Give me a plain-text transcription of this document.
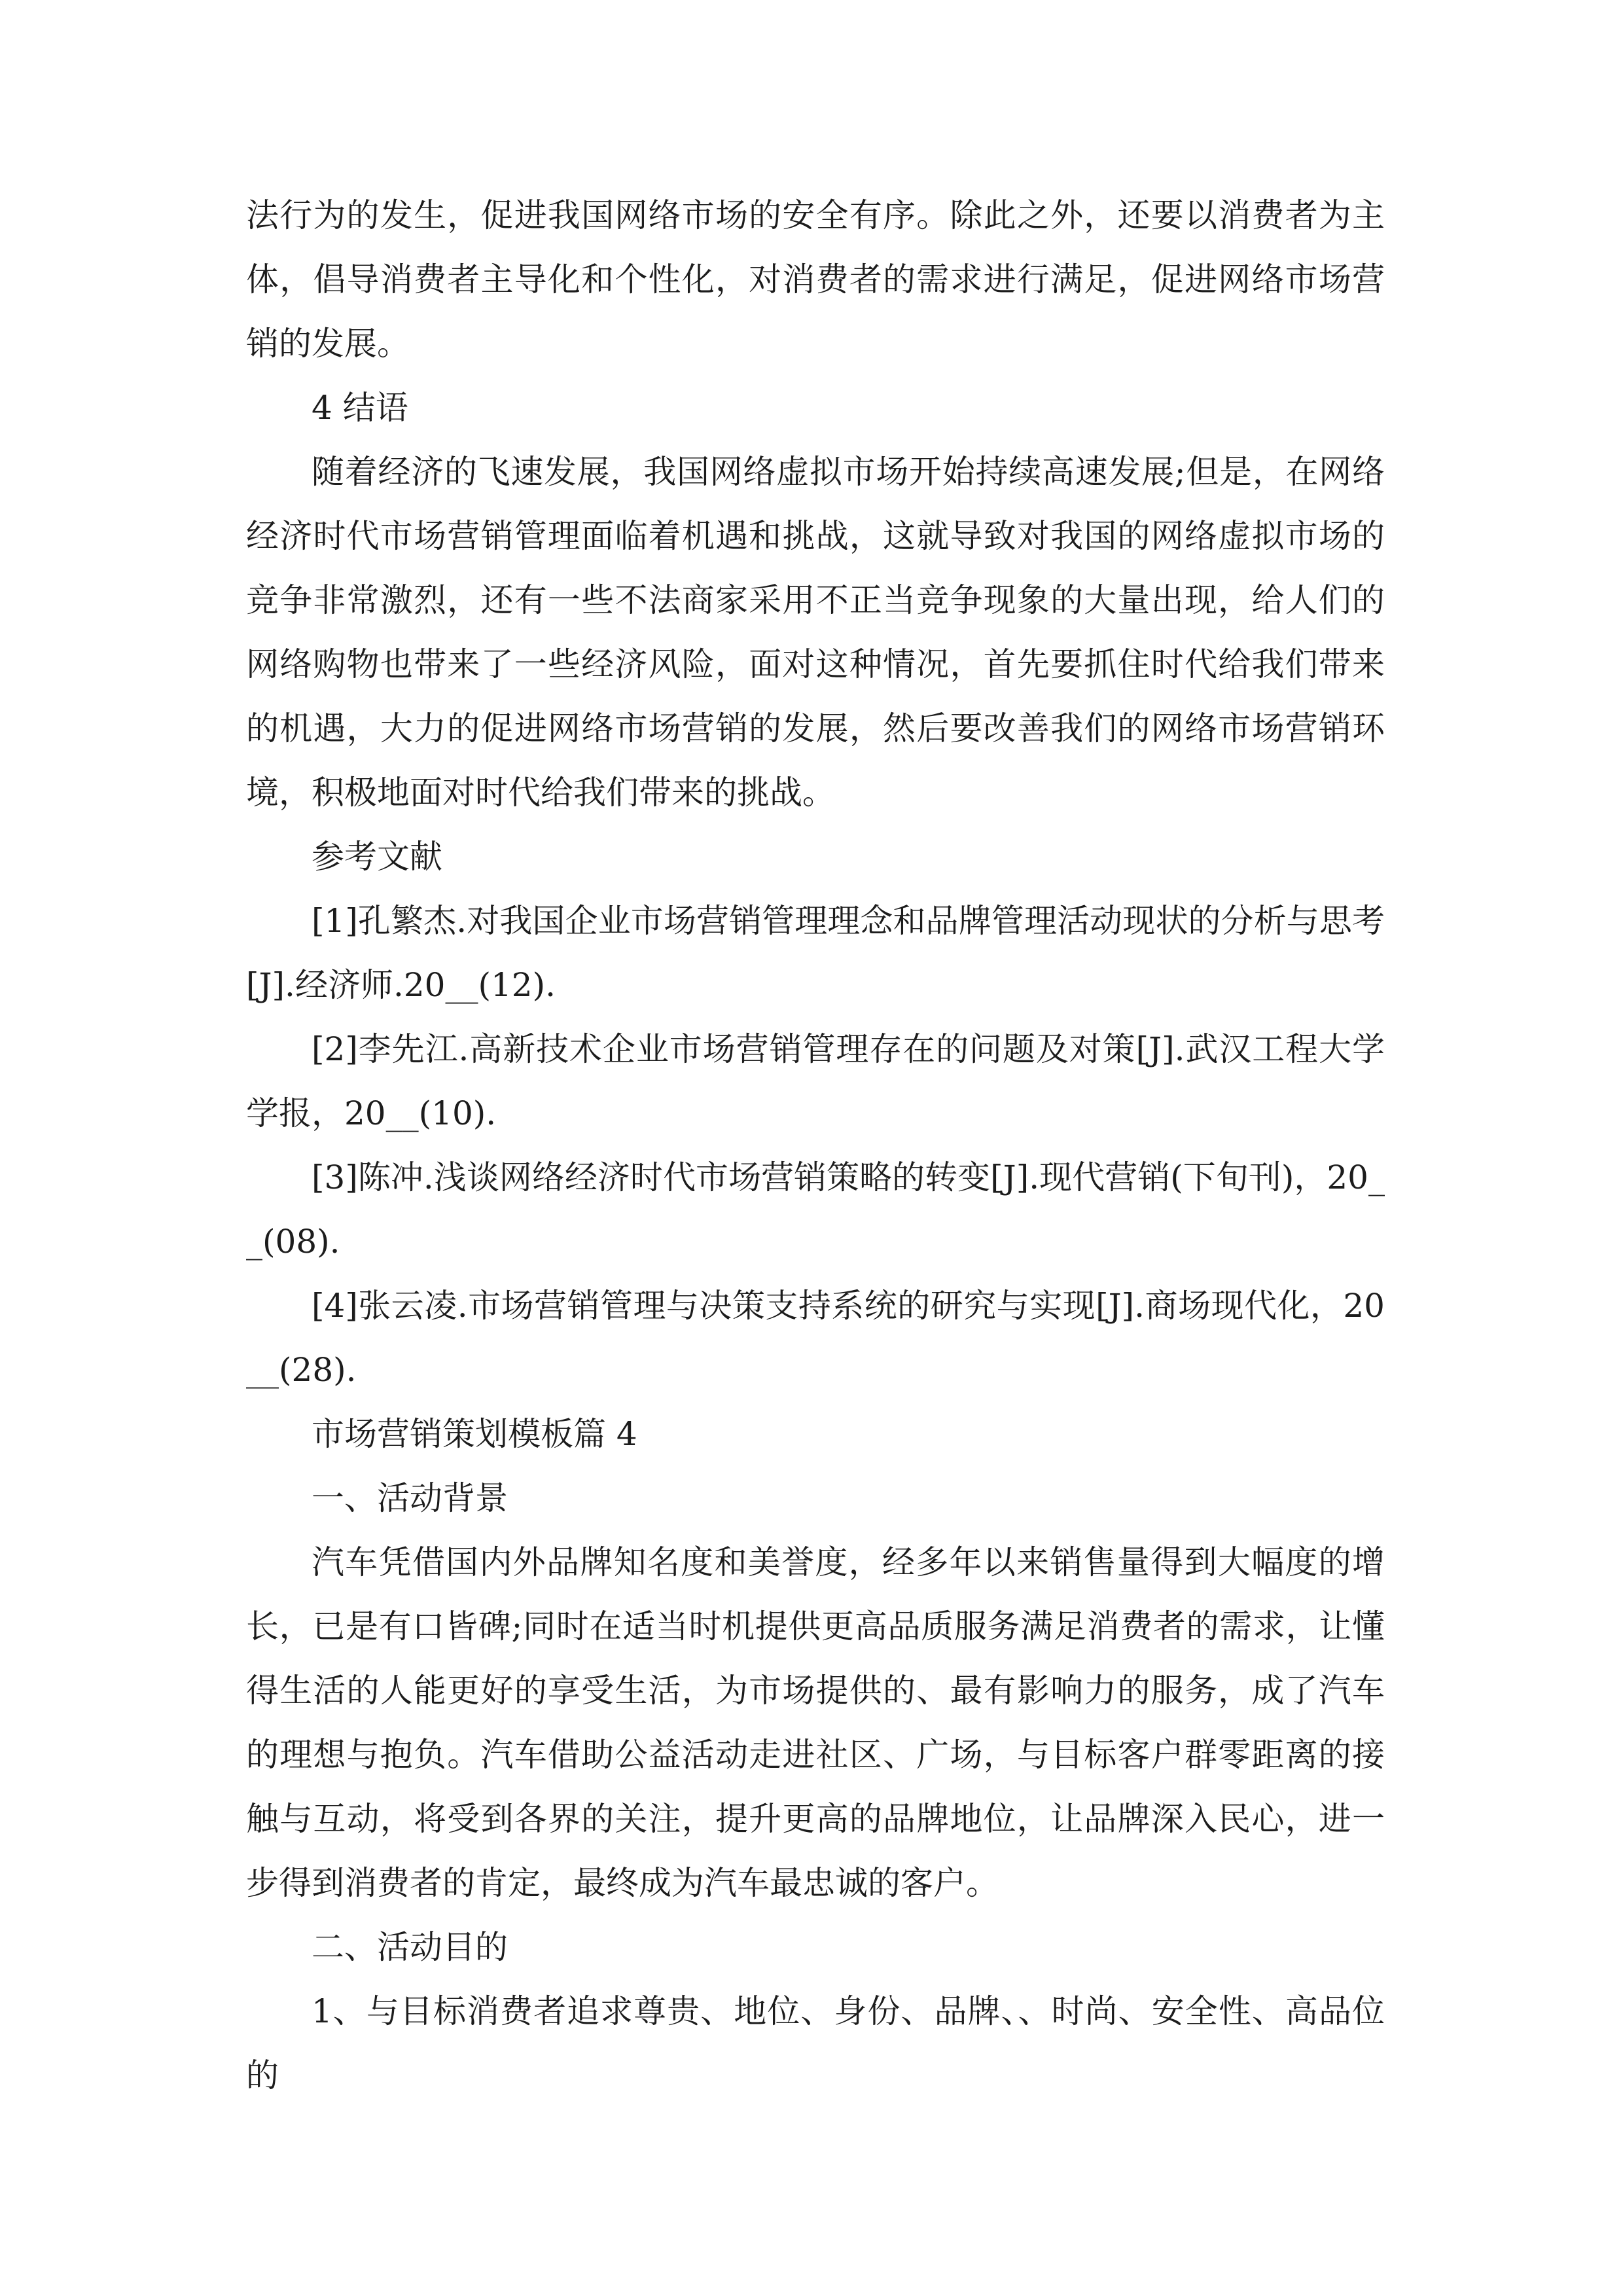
法行为的发生，促进我国网络市场的安全有序。除此之外，还要以消费者为主体，倡导消费者主导化和个性化，对消费者的需求进行满足，促进网络市场营销的发展。

4 结语

随着经济的飞速发展，我国网络虚拟市场开始持续高速发展;但是，在网络经济时代市场营销管理面临着机遇和挑战，这就导致对我国的网络虚拟市场的竞争非常激烈，还有一些不法商家采用不正当竞争现象的大量出现，给人们的网络购物也带来了一些经济风险，面对这种情况，首先要抓住时代给我们带来的机遇，大力的促进网络市场营销的发展，然后要改善我们的网络市场营销环境，积极地面对时代给我们带来的挑战。

参考文献

[1]孔繁杰.对我国企业市场营销管理理念和品牌管理活动现状的分析与思考[J].经济师.20__(12).

[2]李先江.高新技术企业市场营销管理存在的问题及对策[J].武汉工程大学学报，20__(10).

[3]陈冲.浅谈网络经济时代市场营销策略的转变[J].现代营销(下旬刊)，20__(08).

[4]张云凌.市场营销管理与决策支持系统的研究与实现[J].商场现代化，20__(28).

市场营销策划模板篇 4

一、活动背景

汽车凭借国内外品牌知名度和美誉度，经多年以来销售量得到大幅度的增长，已是有口皆碑;同时在适当时机提供更高品质服务满足消费者的需求，让懂得生活的人能更好的享受生活，为市场提供的、最有影响力的服务，成了汽车的理想与抱负。汽车借助公益活动走进社区、广场，与目标客户群零距离的接触与互动，将受到各界的关注，提升更高的品牌地位，让品牌深入民心，进一步得到消费者的肯定，最终成为汽车最忠诚的客户。

二、活动目的

1、与目标消费者追求尊贵、地位、身份、品牌、、时尚、安全性、高品位的
